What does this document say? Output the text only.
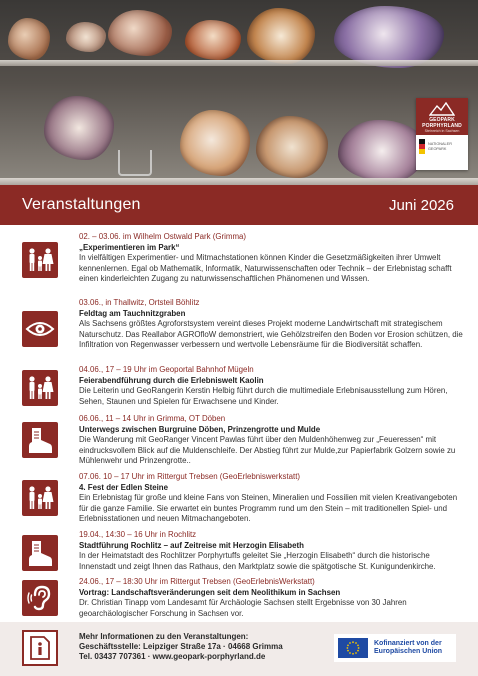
GEOPARK PORPHYRLAND
Steinreich in Sachsen
NATIONALER GEOPARK
Veranstaltungen	Juni 2026
02. – 03.06. im Wilhelm Ostwald Park (Grimma)
„Experimentieren im Park“
In vielfältigen Experimentier- und Mitmachstationen können Kinder die Gesetzmäßigkeiten ihrer Umwelt kennenlernen. Egal ob Mathematik, Informatik, Naturwissenschaften oder Technik – der Erlebnistag schafft einen kinderleichten Zugang zu naturwissenschaftlichen Phänomenen und Wissen.
03.06., in Thallwitz, Ortsteil Böhlitz
Feldtag am Tauchnitzgraben
Als Sachsens größtes Agroforstsystem vereint dieses Projekt moderne Landwirtschaft mit strategischem Naturschutz. Das Reallabor AGROfloW demonstriert, wie Gehölzstreifen den Boden vor Erosion schützen, die Infiltration von Regenwasser verbessern und wertvolle Lebensräume für die Biodiversität schaffen.
04.06., 17 – 19 Uhr im Geoportal Bahnhof Mügeln
Feierabendführung durch die Erlebniswelt Kaolin
Die Leiterin und GeoRangerin Kerstin Helbig führt durch die multimediale Erlebnisausstellung zum Hören, Sehen, Staunen und Spielen für Erwachsene und Kinder.
06.06., 11 – 14 Uhr in Grimma, OT Döben
Unterwegs zwischen Burgruine Döben, Prinzengrotte und Mulde
Die Wanderung mit GeoRanger Vincent Pawlas führt über den Muldenhöhenweg zur „Feueressen“ mit eindrucksvollem Blick auf die Muldenschleife. Der Abstieg führt zur Mulde,zur Papierfabrik Golzern sowie zu Mühlenwehr und Prinzengrotte..
07.06. 10 – 17 Uhr im Rittergut Trebsen (GeoErlebniswerkstatt)
4. Fest der Edlen Steine
Ein Erlebnistag für große und kleine Fans von Steinen, Mineralien und Fossilien mit vielen Kreativangeboten für die ganze Familie. Sie erwartet ein buntes Programm rund um den Stein – mit traditionellen Spiel- und Erlebnisstationen und neuen Mitmachangeboten.
19.04., 14:30 – 16 Uhr in Rochlitz
Stadtführung Rochlitz – auf Zeitreise mit Herzogin Elisabeth
In der Heimatstadt des Rochlitzer Porphyrtuffs geleitet Sie „Herzogin Elisabeth“ durch die historische Innenstadt und zeigt Ihnen das Rathaus, den Marktplatz sowie die spätgotische St. Kunigundenkirche.
24.06., 17 – 18:30 Uhr im Rittergut Trebsen (GeoErlebnisWerkstatt)
Vortrag: Landschaftsveränderungen seit dem Neolithikum in Sachsen
Dr. Christian Tinapp vom Landesamt für Archäologie Sachsen stellt Ergebnisse von 30 Jahren geoarchäologischer Forschung in Sachsen vor.
Mehr Informationen zu den Veranstaltungen:
Geschäftsstelle: Leipziger Straße 17a · 04668 Grimma
Tel. 03437 707361 · www.geopark-porphyrland.de
Kofinanziert von der
Europäischen Union
